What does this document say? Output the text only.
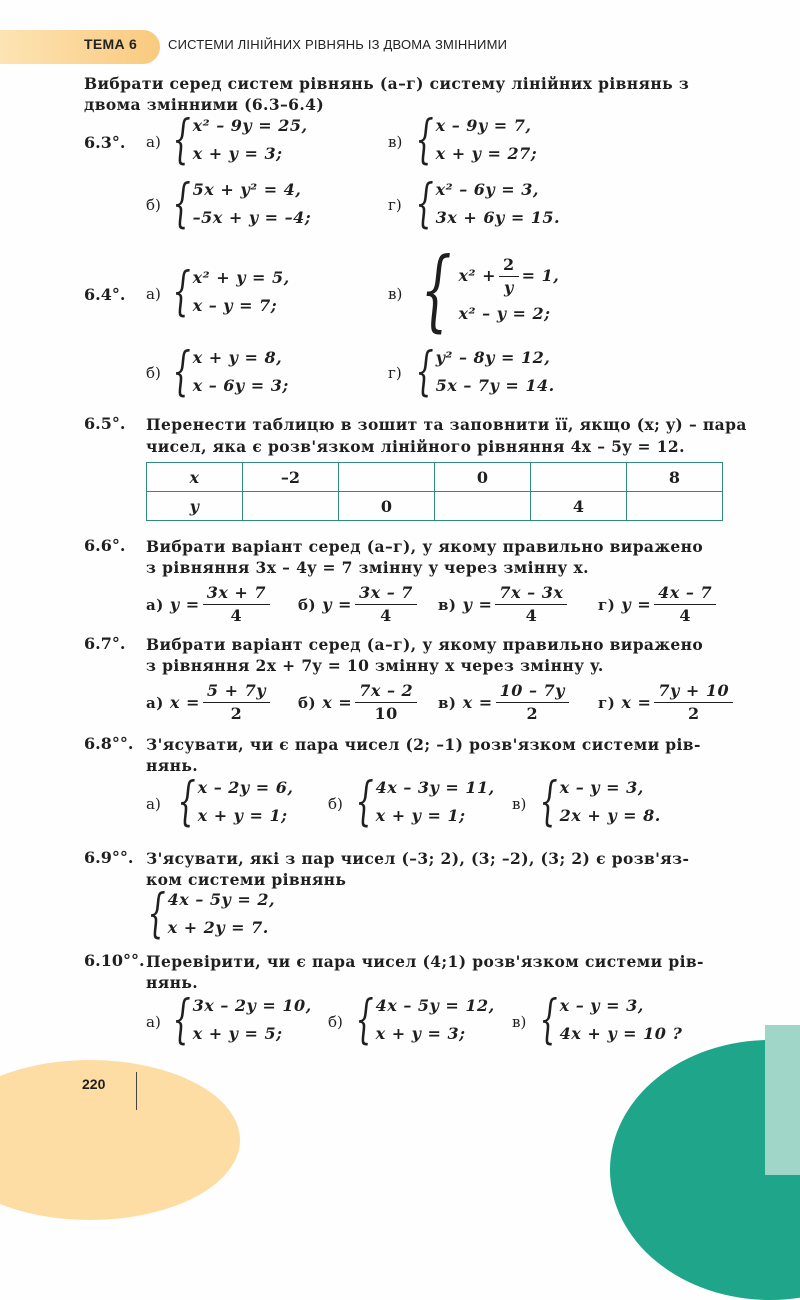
ТЕМА 6 СИСТЕМИ ЛІНІЙНИХ РІВНЯНЬ ІЗ ДВОМА ЗМІННИМИ
Вибрати серед систем рівнянь (а–г) систему лінійних рівнянь з
двома змінними (6.3–6.4)
6.3°. а) { x² – 9y = 25,
x + y = 3;
в) { x – 9y = 7,
x + y = 27;
б) { 5x + y² = 4,
–5x + y = –4;
г) { x² – 6y = 3,
3x + 6y = 15.
6.4°. а) { x² + y = 5,
x – y = 7;
в) { $x^2 + \frac{2}{y} = 1$,
x² – y = 2;
б) { x + y = 8,
x – 6y = 3;
г) { y² – 8y = 12,
5x – 7y = 14.
6.5°. Перенести таблицю в зошит та заповнити її, якщо (x; y) – пара
чисел, яка є розв'язком лінійного рівняння 4x – 5y = 12.
x	–2		0		8
y		0		4	
6.6°. Вибрати варіант серед (а–г), у якому правильно виражено
з рівняння 3x – 4y = 7 змінну y через змінну x.
а)
$y = \frac{3x + 7}{4} б$)
$y = \frac{3x - 7}{4} в$)
$y = \frac{7x - 3x}{4} г$)
$y = \frac{4x - 7}{4}$
6.7°. Вибрати варіант серед (а–г), у якому правильно виражено
з рівняння 2x + 7y = 10 змінну x через змінну y.
а)
$x = \frac{5 + 7y}{2} б$)
$x = \frac{7x - 2}{10} в$)
$x = \frac{10 - 7y}{2} г$)
$x = \frac{7y + 10}{2}$
6.8°°. З'ясувати, чи є пара чисел (2; –1) розв'язком системи рів-
нянь.
а) { x – 2y = 6,
x + y = 1;
б) { 4x – 3y = 11,
x + y = 1;
в) { x – y = 3,
2x + y = 8.
6.9°°. З'ясувати, які з пар чисел (–3; 2), (3; –2), (3; 2) є розв'яз-
ком системи рівнянь
{ 4x – 5y = 2,
x + 2y = 7.
6.10°°. Перевірити, чи є пара чисел (4;1) розв'язком системи рів-
нянь.
а) { 3x – 2y = 10,
x + y = 5;
б) { 4x – 5y = 12,
x + y = 3;
в) { x – y = 3,
4x + y = 10 ?
220
